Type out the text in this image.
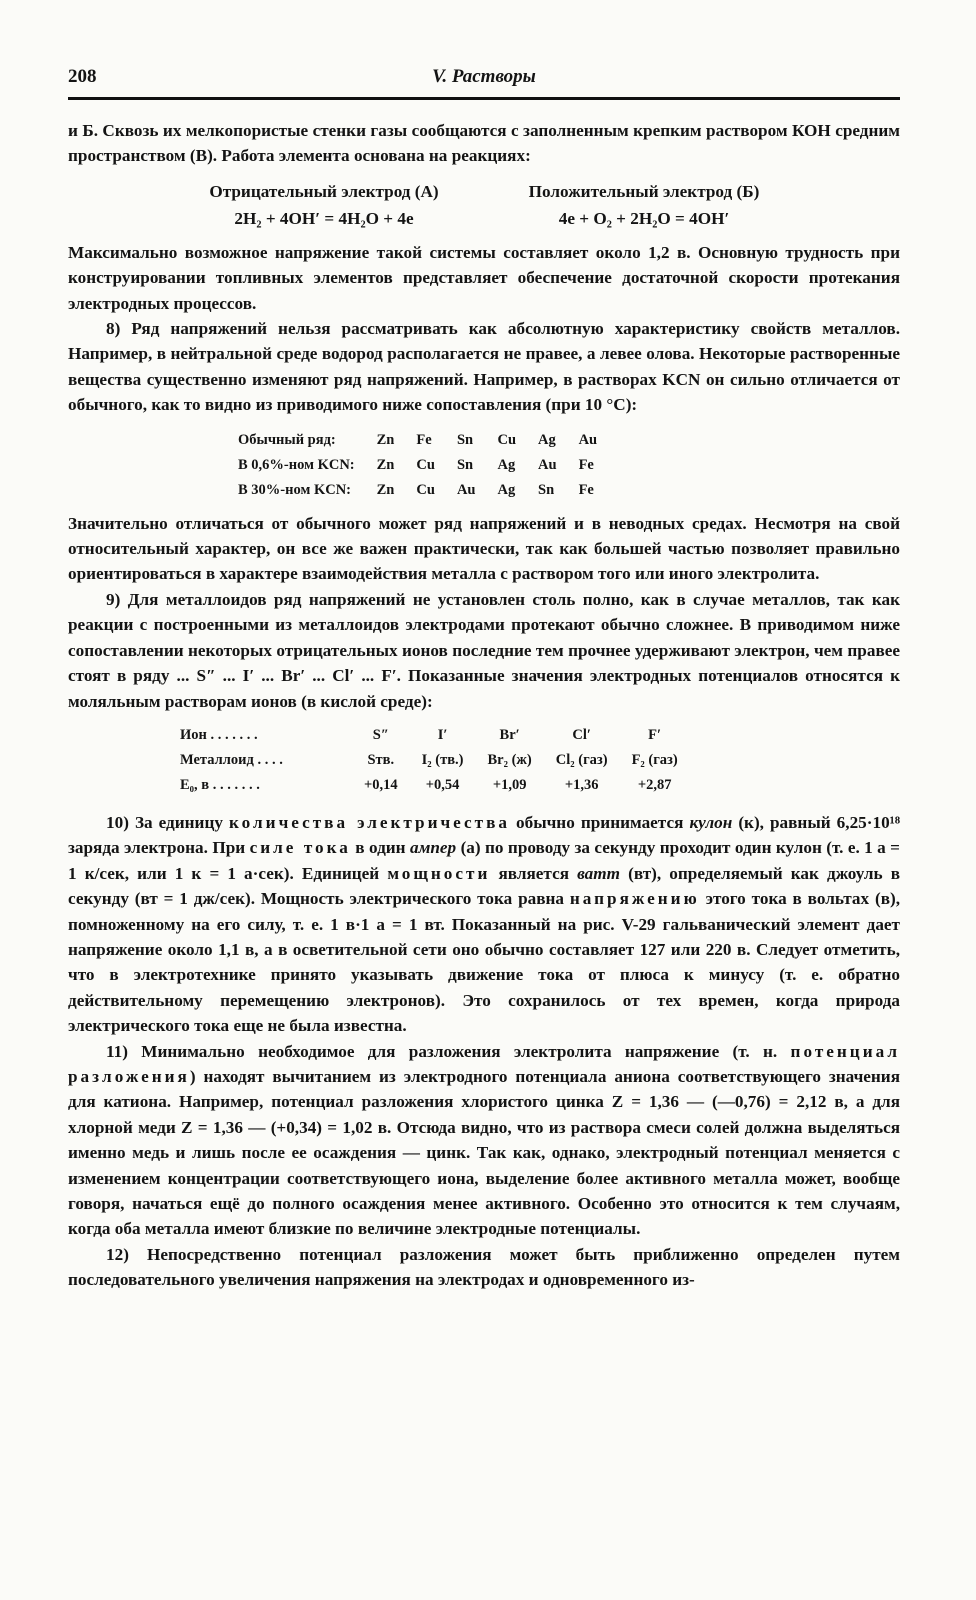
208	V. Растворы

и Б. Сквозь их мелкопористые стенки газы сообщаются с заполненным крепким раствором КОН средним пространством (В). Работа элемента основана на реакциях:

Отрицательный электрод (А)
2H₂ + 4OH′ = 4H₂O + 4e
Положительный электрод (Б)
4e + O₂ + 2H₂O = 4OH′

Максимально возможное напряжение такой системы составляет около 1,2 в. Основную трудность при конструировании топливных элементов представляет обеспечение достаточной скорости протекания электродных процессов.

8) Ряд напряжений нельзя рассматривать как абсолютную характеристику свойств металлов. Например, в нейтральной среде водород располагается не правее, а левее олова. Некоторые растворенные вещества существенно изменяют ряд напряжений. Например, в растворах KCN он сильно отличается от обычного, как то видно из приводимого ниже сопоставления (при 10 °С):

Обычный ряд:	Zn	Fe	Sn	Cu	Ag	Au
В 0,6%-ном KCN:	Zn	Cu	Sn	Ag	Au	Fe
В 30%-ном KCN:	Zn	Cu	Au	Ag	Sn	Fe

Значительно отличаться от обычного может ряд напряжений и в неводных средах. Несмотря на свой относительный характер, он все же важен практически, так как большей частью позволяет правильно ориентироваться в характере взаимодействия металла с раствором того или иного электролита.

9) Для металлоидов ряд напряжений не установлен столь полно, как в случае металлов, так как реакции с построенными из металлоидов электродами протекают обычно сложнее. В приводимом ниже сопоставлении некоторых отрицательных ионов последние тем прочнее удерживают электрон, чем правее стоят в ряду ... S″ ... I′ ... Br′ ... Cl′ ... F′. Показанные значения электродных потенциалов относятся к моляльным растворам ионов (в кислой среде):

Ион . . . . . . .	S″	I′	Br′	Cl′	F′
Металлоид . . . .	Sтв.	I₂ (тв.)	Br₂ (ж)	Cl₂ (газ)	F₂ (газ)
E₀, в . . . . . . .	+0,14	+0,54	+1,09	+1,36	+2,87

10) За единицу количества электричества обычно принимается кулон (к), равный 6,25·10¹⁸ заряда электрона. При силе тока в один ампер (а) по проводу за секунду проходит один кулон (т. е. 1 а = 1 к/сек, или 1 к = 1 а·сек). Единицей мощности является ватт (вт), определяемый как джоуль в секунду (вт = 1 дж/сек). Мощность электрического тока равна напряжению этого тока в вольтах (в), помноженному на его силу, т. е. 1 в·1 а = 1 вт. Показанный на рис. V-29 гальванический элемент дает напряжение около 1,1 в, а в осветительной сети оно обычно составляет 127 или 220 в. Следует отметить, что в электротехнике принято указывать движение тока от плюса к минусу (т. е. обратно действительному перемещению электронов). Это сохранилось от тех времен, когда природа электрического тока еще не была известна.

11) Минимально необходимое для разложения электролита напряжение (т. н. потенциал разложения) находят вычитанием из электродного потенциала аниона соответствующего значения для катиона. Например, потенциал разложения хлористого цинка Z = 1,36 — (—0,76) = 2,12 в, а для хлорной меди Z = 1,36 — (+0,34) = 1,02 в. Отсюда видно, что из раствора смеси солей должна выделяться именно медь и лишь после ее осаждения — цинк. Так как, однако, электродный потенциал меняется с изменением концентрации соответствующего иона, выделение более активного металла может, вообще говоря, начаться ещё до полного осаждения менее активного. Особенно это относится к тем случаям, когда оба металла имеют близкие по величине электродные потенциалы.

12) Непосредственно потенциал разложения может быть приближенно определен путем последовательного увеличения напряжения на электродах и одновременного из-
